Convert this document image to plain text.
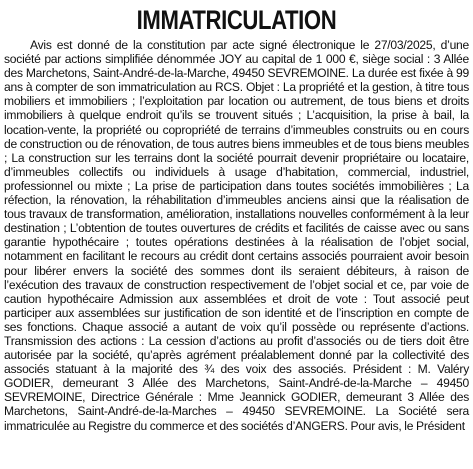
IMMATRICULATION

Avis est donné de la constitution par acte signé électronique le 27/03/2025, d’une société par actions simplifiée dénommée JOY au capital de 1 000 €, siège social : 3 Allée des Marchetons, Saint-André-de-la-Marche, 49450 SEVREMOINE. La durée est fixée à 99 ans à compter de son immatriculation au RCS. Objet : La propriété et la gestion, à titre tous mobiliers et immobiliers ; l’exploitation par location ou autrement, de tous biens et droits immobiliers à quelque endroit qu’ils se trouvent situés ; L’acquisition, la prise à bail, la location-vente, la propriété ou copropriété de terrains d’immeubles construits ou en cours de construction ou de rénovation, de tous autres biens immeubles et de tous biens meubles ; La construction sur les terrains dont la société pourrait devenir propriétaire ou locataire, d’immeubles collectifs ou individuels à usage d’habitation, commercial, industriel, professionnel ou mixte ; La prise de participation dans toutes sociétés immobilières ; La réfection, la rénovation, la réhabilitation d’immeubles anciens ainsi que la réalisation de tous travaux de transformation, amélioration, installations nouvelles conformément à la leur destination ; L’obtention de toutes ouvertures de crédits et facilités de caisse avec ou sans garantie hypothécaire ; toutes opérations destinées à la réalisation de l’objet social, notamment en facilitant le recours au crédit dont certains associés pourraient avoir besoin pour libérer envers la société des sommes dont ils seraient débiteurs, à raison de l’exécution des travaux de construction respectivement de l’objet social et ce, par voie de caution hypothécaire Admission aux assemblées et droit de vote : Tout associé peut participer aux assemblées sur justification de son identité et de l’inscription en compte de ses fonctions. Chaque associé a autant de voix qu’il possède ou représente d’actions. Transmission des actions : La cession d’actions au profit d’associés ou de tiers doit être autorisée par la société, qu’après agrément préalablement donné par la collectivité des associés statuant à la majorité des ¾ des voix des associés. Président : M. Valéry GODIER, demeurant 3 Allée des Marchetons, Saint-André-de-la-Marche – 49450 SEVREMOINE, Directrice Générale : Mme Jeannick GODIER, demeurant 3 Allée des Marchetons, Saint-André-de-la-Marches – 49450 SEVREMOINE. La Société sera immatriculée au Registre du commerce et des sociétés d’ANGERS. Pour avis, le Président
